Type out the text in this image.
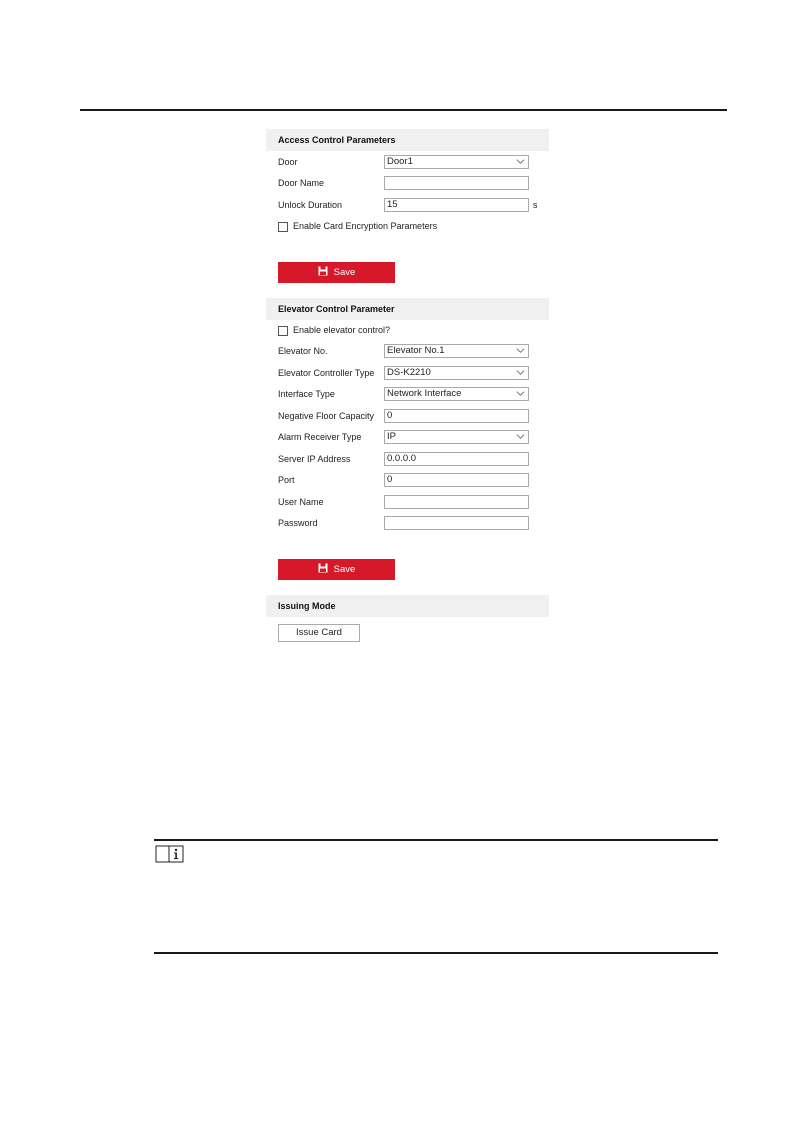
Access Control Parameters
Door	Door1
Door Name
Unlock Duration	15	s
Enable Card Encryption Parameters
Save
Elevator Control Parameter
Enable elevator control?
Elevator No.	Elevator No.1
Elevator Controller Type	DS-K2210
Interface Type	Network Interface
Negative Floor Capacity	0
Alarm Receiver Type	IP
Server IP Address	0.0.0.0
Port	0
User Name
Password
Save
Issuing Mode
Issue Card
